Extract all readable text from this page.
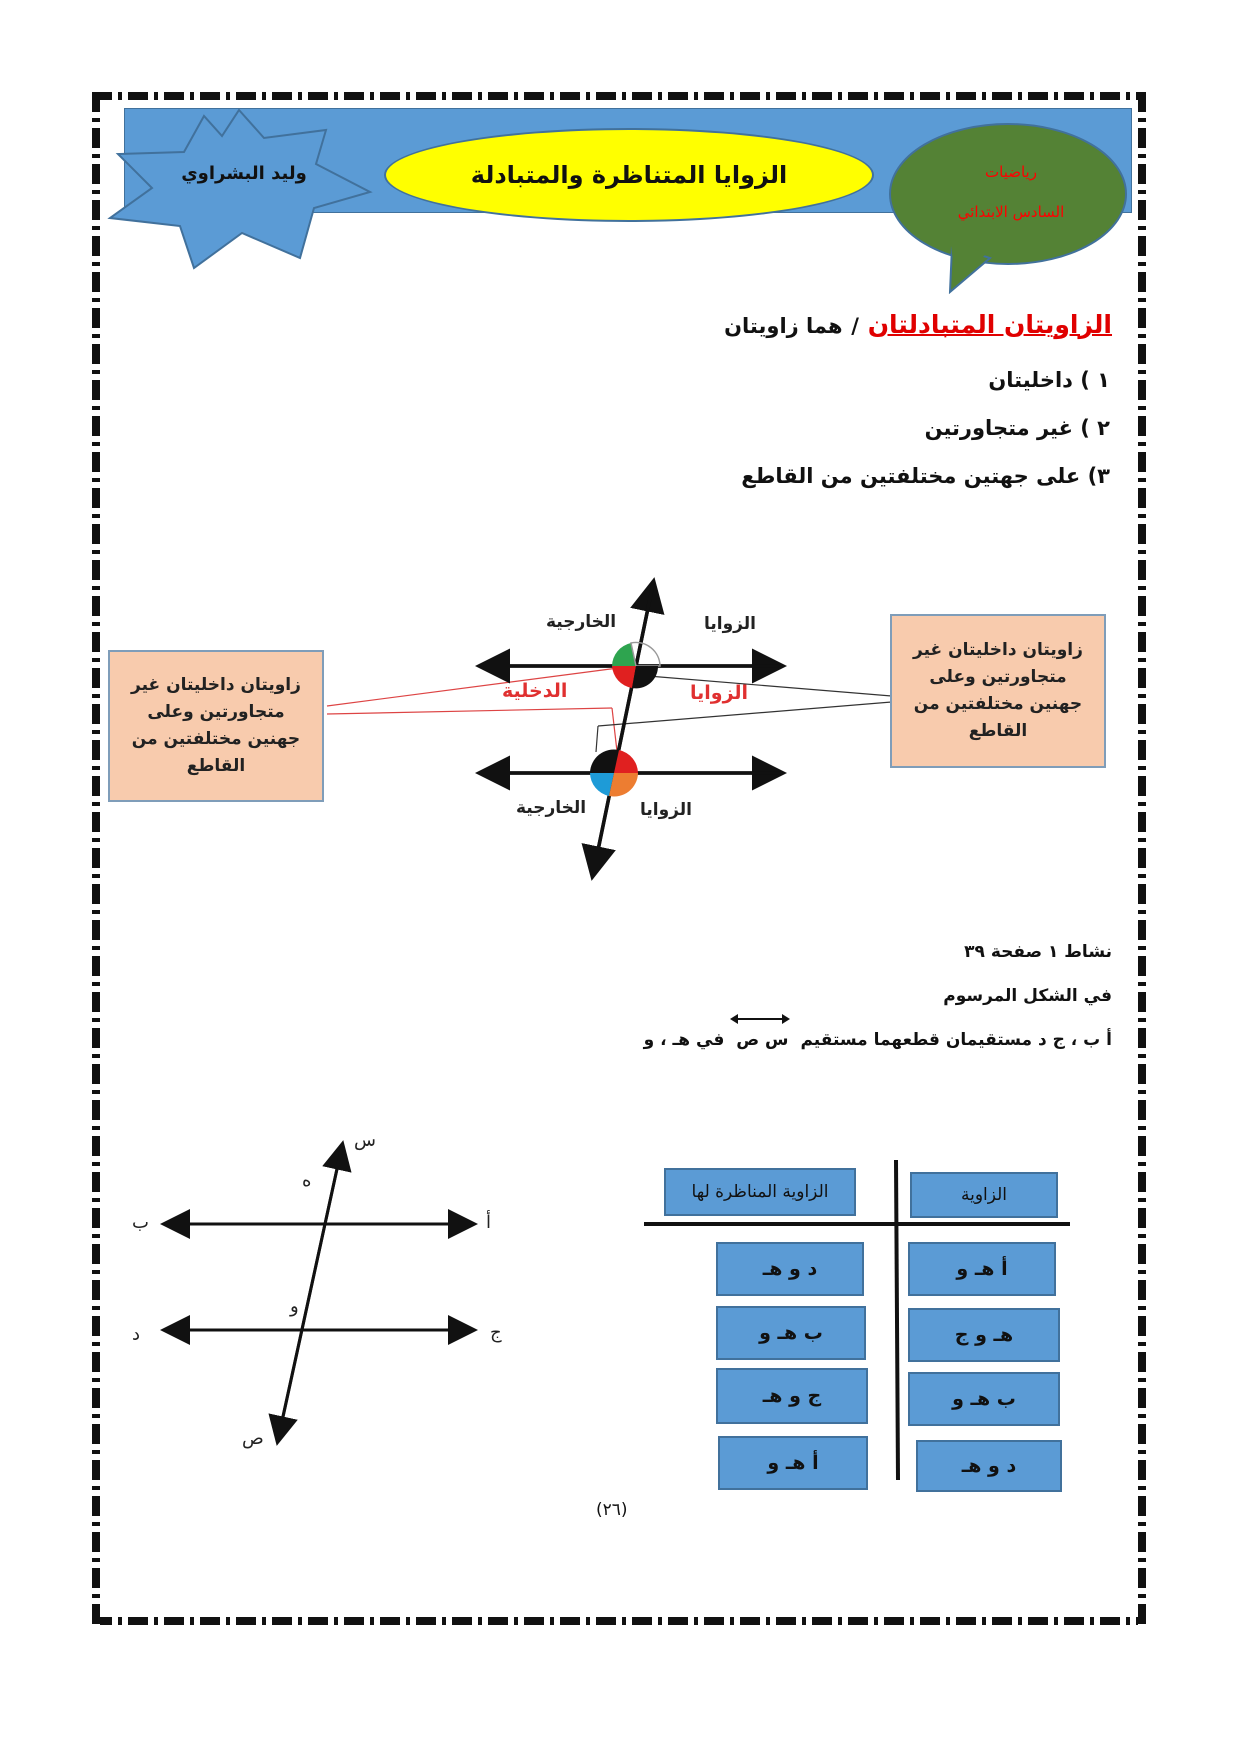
وليد البشراوي	الزوايا المتناظرة والمتبادلة	رياضيات
السادس الابتدائي
الزاويتان المتبادلتان / هما زاويتان
١ ) داخليتان
٢ ) غير متجاورتين
٣) على جهتين مختلفتين من القاطع
زاويتان داخليتان غير متجاورتين وعلى جهنين مختلفتين من القاطع
زاويتان داخليتان غير متجاورتين وعلى جهنين مختلفتين من القاطع
الخارجية	الزوايا
الدخلية	الزوايا
الخارجية	الزوايا
نشاط ١ صفحة ٣٩
في الشكل المرسوم
أ ب ، ج د مستقيمان قطعهما مستقيم
س ص في هـ ، و
س
ه
ب	أ
و
د	ج
ص
الزاوية المناظرة لها	الزاوية
د و هـ	أ هـ و
ب هـ و	هـ و ج
ج و هـ	ب هـ و
أ هـ و	د و هـ
(٢٦)
